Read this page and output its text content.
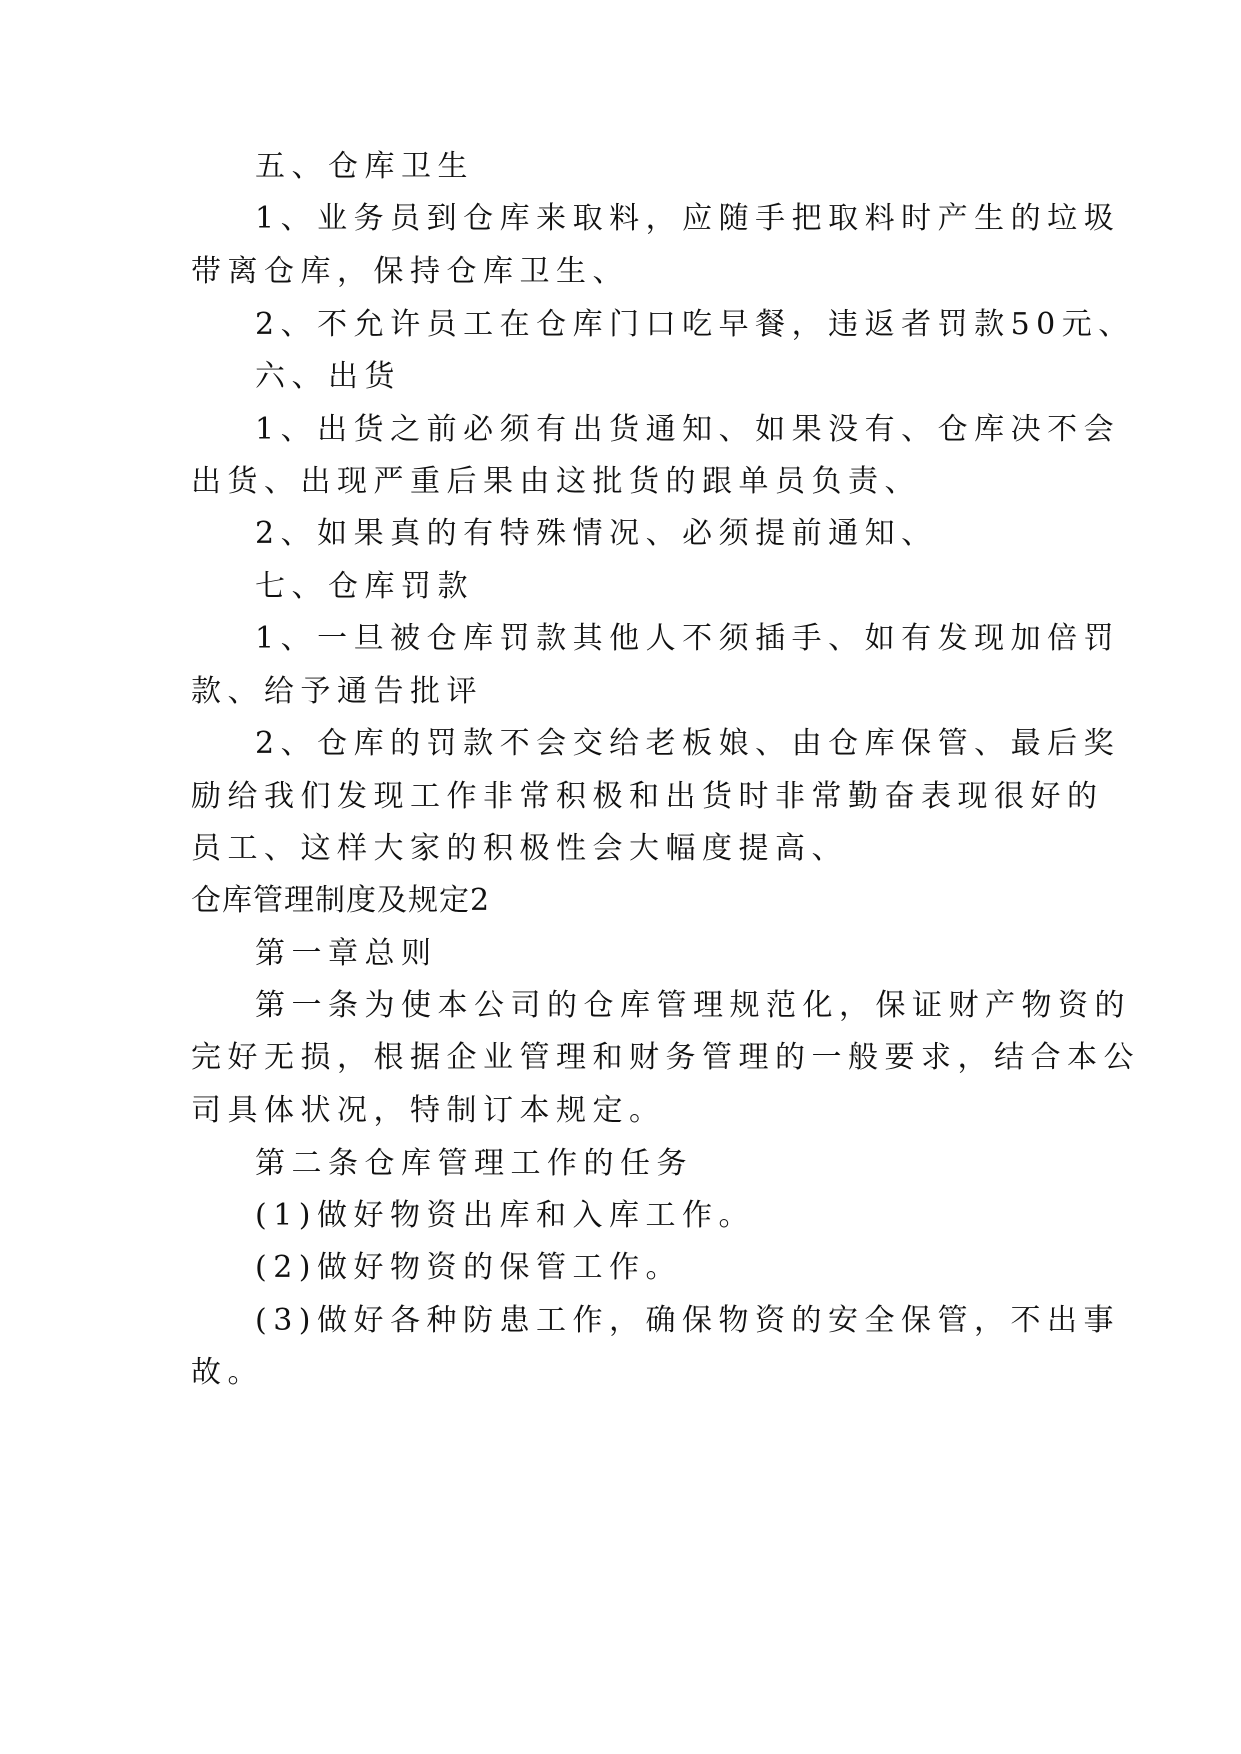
五、仓库卫生
1、业务员到仓库来取料，应随手把取料时产生的垃圾
带离仓库，保持仓库卫生、
2、不允许员工在仓库门口吃早餐，违返者罚款50元、
六、出货
1、出货之前必须有出货通知、如果没有、仓库决不会
出货、出现严重后果由这批货的跟单员负责、
2、如果真的有特殊情况、必须提前通知、
七、仓库罚款
1、一旦被仓库罚款其他人不须插手、如有发现加倍罚
款、给予通告批评
2、仓库的罚款不会交给老板娘、由仓库保管、最后奖
励给我们发现工作非常积极和出货时非常勤奋表现很好的
员工、这样大家的积极性会大幅度提高、
仓库管理制度及规定2
第一章总则
第一条为使本公司的仓库管理规范化，保证财产物资的
完好无损，根据企业管理和财务管理的一般要求，结合本公
司具体状况，特制订本规定。
第二条仓库管理工作的任务
(1)做好物资出库和入库工作。
(2)做好物资的保管工作。
(3)做好各种防患工作，确保物资的安全保管，不出事
故。
